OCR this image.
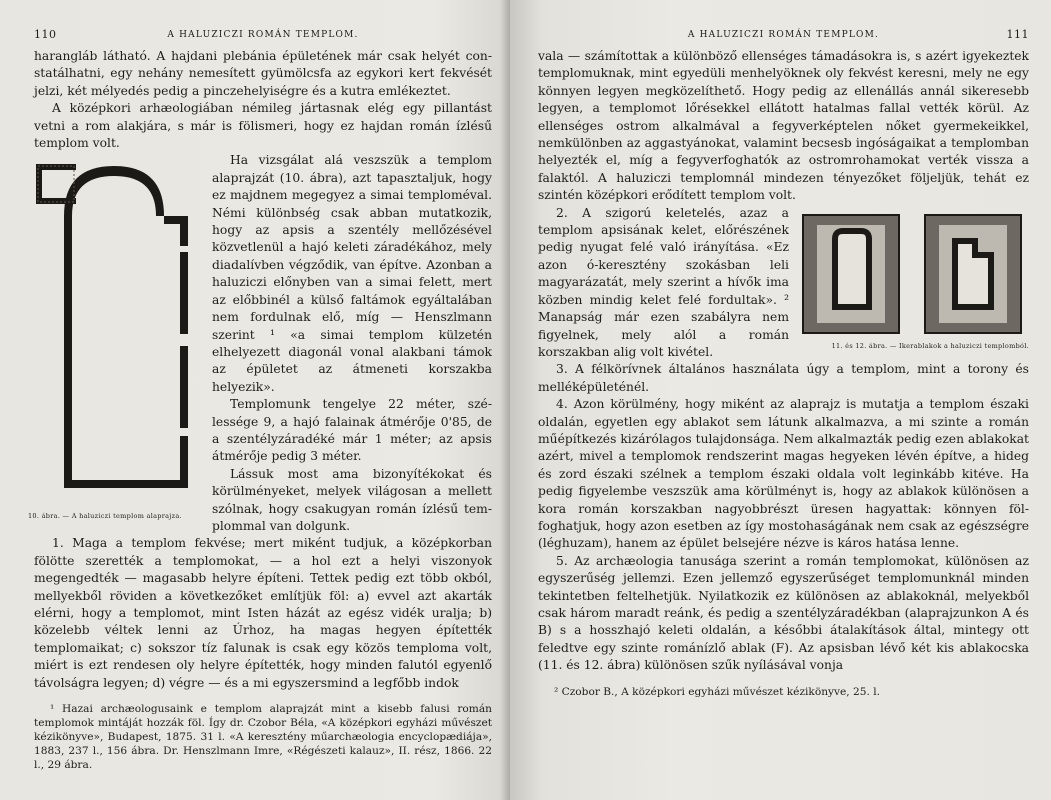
110	A HALUZICZI ROMÁN TEMPLOM.

harangláb látható. A hajdani plebánia épületének már csak helyét constatálhatni, egy nehány nemesített gyümölcsfa az egykori kert fekvését jelzi, két mélyedés pedig a pinczehelyiségre és a kutra emlékeztet.

A középkori arhæologiában némileg jártasnak elég egy pillantást vetni a rom alakjára, s már is fölismeri, hogy ez hajdan román ízlésű templom volt.

10. ábra. — A haluziczi templom alaprajza.
Ha vizsgálat alá veszszük a templom alaprajzát (10. ábra), azt tapasztaljuk, hogy ez majdnem megegyez a simai temploméval. Némi különbség csak abban mutatkozik, hogy az apsis a szentély mellőzésével közvetlenül a hajó keleti záradékához, mely diadalívben végződik, van építve. Azonban a haluziczi előnyben van a simai felett, mert az előbbinél a külső faltámok egyáltalában nem fordulnak elő, míg — Henszlmann szerint ¹ «a simai templom külzetén elhelyezett diagonál vonal alakbani támok az épületet az átmeneti korszakba helyezik».

Templomunk tengelye 22 méter, szélessége 9, a hajó falainak átmérője 0'85, de a szentélyzáradéké már 1 méter; az apsis átmérője pedig 3 méter.

Lássuk most ama bizonyítékokat és körülményeket, melyek világosan a mellett szólnak, hogy csakugyan román ízlésű templommal van dolgunk.

1. Maga a templom fekvése; mert miként tudjuk, a középkorban fölötte szerették a templomokat, — a hol ezt a helyi viszonyok megengedték — magasabb helyre építeni. Tettek pedig ezt több okból, mellyekből röviden a következőket említjük föl: a) evvel azt akarták elérni, hogy a templomot, mint Isten házát az egész vidék uralja; b) közelebb véltek lenni az Úrhoz, ha magas hegyen építették templomaikat; c) sokszor tíz falunak is csak egy közös temploma volt, miért is ezt rendesen oly helyre építették, hogy minden falutól egyenlő távolságra legyen; d) végre — és a mi egyszersmind a legfőbb indok

¹ Hazai archæologusaink e templom alaprajzát mint a kisebb falusi román templomok mintáját hozzák föl. Így dr. Czobor Béla, «A középkori egyházi művészet kézikönyve», Budapest, 1875. 31 l. «A kereszténу műarchæologia encyclopædiája», 1883, 237 l., 156 ábra. Dr. Henszlmann Imre, «Régészeti kalauz», II. rész, 1866. 22 l., 29 ábra.

A HALUZICZI ROMÁN TEMPLOM.	111

vala — számítottak a különböző ellenséges támadásokra is, s azért igyekeztek templomuknak, mint egyedüli menhelyöknek oly fekvést keresni, mely ne egy könnyen legyen megközelíthető. Hogy pedig az ellenállás annál sikeresebb legyen, a templomot lőrésekkel ellátott hatalmas fallal vették körül. Az ellenséges ostrom alkalmával a fegyverképtelen nőket gyermekeikkel, nemkülönben az aggastyánokat, valamint becsesb ingóságaikat a templomban helyezték el, míg a fegyverfoghatók az ostromrohamokat verték vissza a falaktól. A haluziczi templomnál mindezen tényezőket följeljük, tehát ez szintén középkori erődített templom volt.

11. és 12. ábra. — Ikerablakok a haluziczi templomból.
2. A szigorú keletelés, azaz a templom apsisának kelet, előrészének pedig nyugat felé való irányítása. «Ez azon ó-keresztény szokásban leli magyarázatát, mely szerint a hívők ima közben mindig kelet felé fordultak». ² Manapság már ezen szabályra nem figyelnek, mely alól a román korszakban alig volt kivétel.

3. A félkörívnek általános használata úgy a templom, mint a torony és melléképületénél.

4. Azon körülmény, hogy miként az alaprajz is mutatja a templom északi oldalán, egyetlen egy ablakot sem látunk alkalmazva, a mi szinte a román műépítkezés kizárólagos tulajdonsága. Nem alkalmazták pedig ezen ablakokat azért, mivel a templomok rendszerint magas hegyeken lévén építve, a hideg és zord északi szélnek a templom északi oldala volt leginkább kitéve. Ha pedig figyelembe veszszük ama körülményt is, hogy az ablakok különösen a kora román korszakban nagyobbrészt üresen hagyattak: könnyen fölfoghatjuk, hogy azon esetben az így mostohaságának nem csak az egészségre (léghuzam), hanem az épület belsejére nézve is káros hatása lenne.

5. Az archæologia tanusága szerint a román templomokat, különösen az egyszerűség jellemzi. Ezen jellemző egyszerűséget templomunknál minden tekintetben feltelhetjük. Nyilatkozik ez különösen az ablakoknál, melyekből csak három maradt reánk, és pedig a szentélyzáradékban (alaprajzunkon A és B) s a hosszhajó keleti oldalán, a későbbi átalakítások által, mintegy ott feledtve egy szinte románízlő ablak (F). Az apsisban lévő két kis ablakocska (11. és 12. ábra) különösen szűk nyílásával vonja

² Czobor B., A középkori egyházi művészet kézikönyve, 25. l.
